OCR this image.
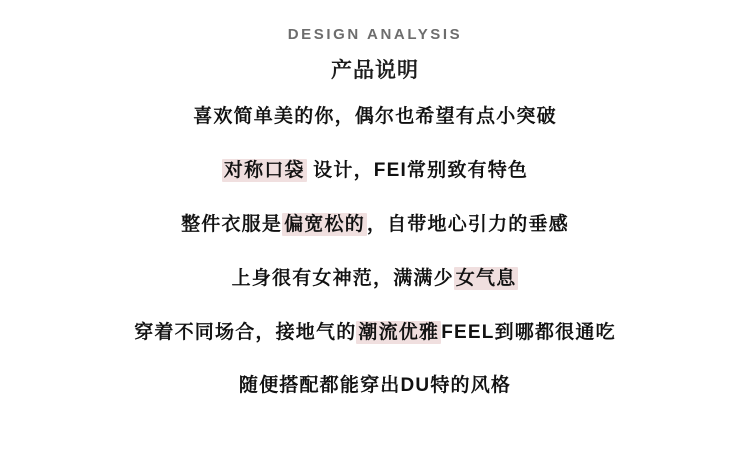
DESIGN ANALYSIS
产品说明
喜欢简单美的你，偶尔也希望有点小突破
对称口袋 设计，FEI常别致有特色
整件衣服是 偏宽松的 ，自带地心引力的垂感
上身很有女神范，满满少 女气息
穿着不同场合，接地气的 潮流优雅 FEEL到哪都很通吃
随便搭配都能穿出DU特的风格
